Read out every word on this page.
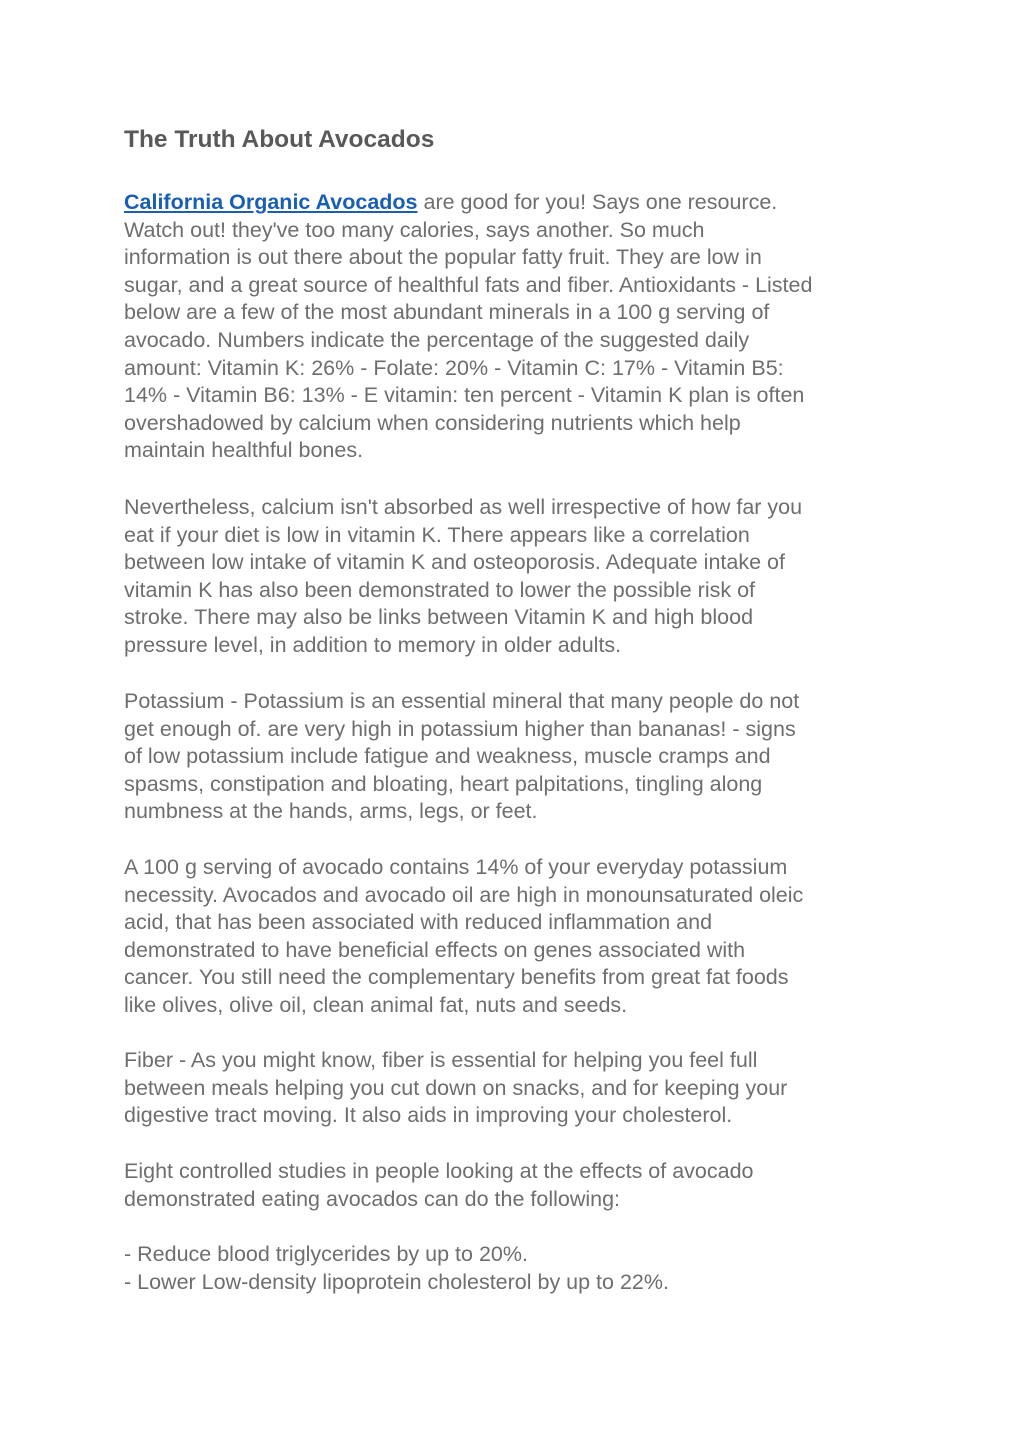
The Truth About Avocados

California Organic Avocados are good for you! Says one resource.
Watch out! they've too many calories, says another. So much
information is out there about the popular fatty fruit. They are low in
sugar, and a great source of healthful fats and fiber. Antioxidants - Listed
below are a few of the most abundant minerals in a 100 g serving of
avocado. Numbers indicate the percentage of the suggested daily
amount: Vitamin K: 26% - Folate: 20% - Vitamin C: 17% - Vitamin B5:
14% - Vitamin B6: 13% - E vitamin: ten percent - Vitamin K plan is often
overshadowed by calcium when considering nutrients which help
maintain healthful bones.

Nevertheless, calcium isn't absorbed as well irrespective of how far you
eat if your diet is low in vitamin K. There appears like a correlation
between low intake of vitamin K and osteoporosis. Adequate intake of
vitamin K has also been demonstrated to lower the possible risk of
stroke. There may also be links between Vitamin K and high blood
pressure level, in addition to memory in older adults.

Potassium - Potassium is an essential mineral that many people do not
get enough of. are very high in potassium higher than bananas! - signs
of low potassium include fatigue and weakness, muscle cramps and
spasms, constipation and bloating, heart palpitations, tingling along
numbness at the hands, arms, legs, or feet.

A 100 g serving of avocado contains 14% of your everyday potassium
necessity. Avocados and avocado oil are high in monounsaturated oleic
acid, that has been associated with reduced inflammation and
demonstrated to have beneficial effects on genes associated with
cancer. You still need the complementary benefits from great fat foods
like olives, olive oil, clean animal fat, nuts and seeds.

Fiber - As you might know, fiber is essential for helping you feel full
between meals helping you cut down on snacks, and for keeping your
digestive tract moving. It also aids in improving your cholesterol.

Eight controlled studies in people looking at the effects of avocado
demonstrated eating avocados can do the following:

- Reduce blood triglycerides by up to 20%.
- Lower Low-density lipoprotein cholesterol by up to 22%.
